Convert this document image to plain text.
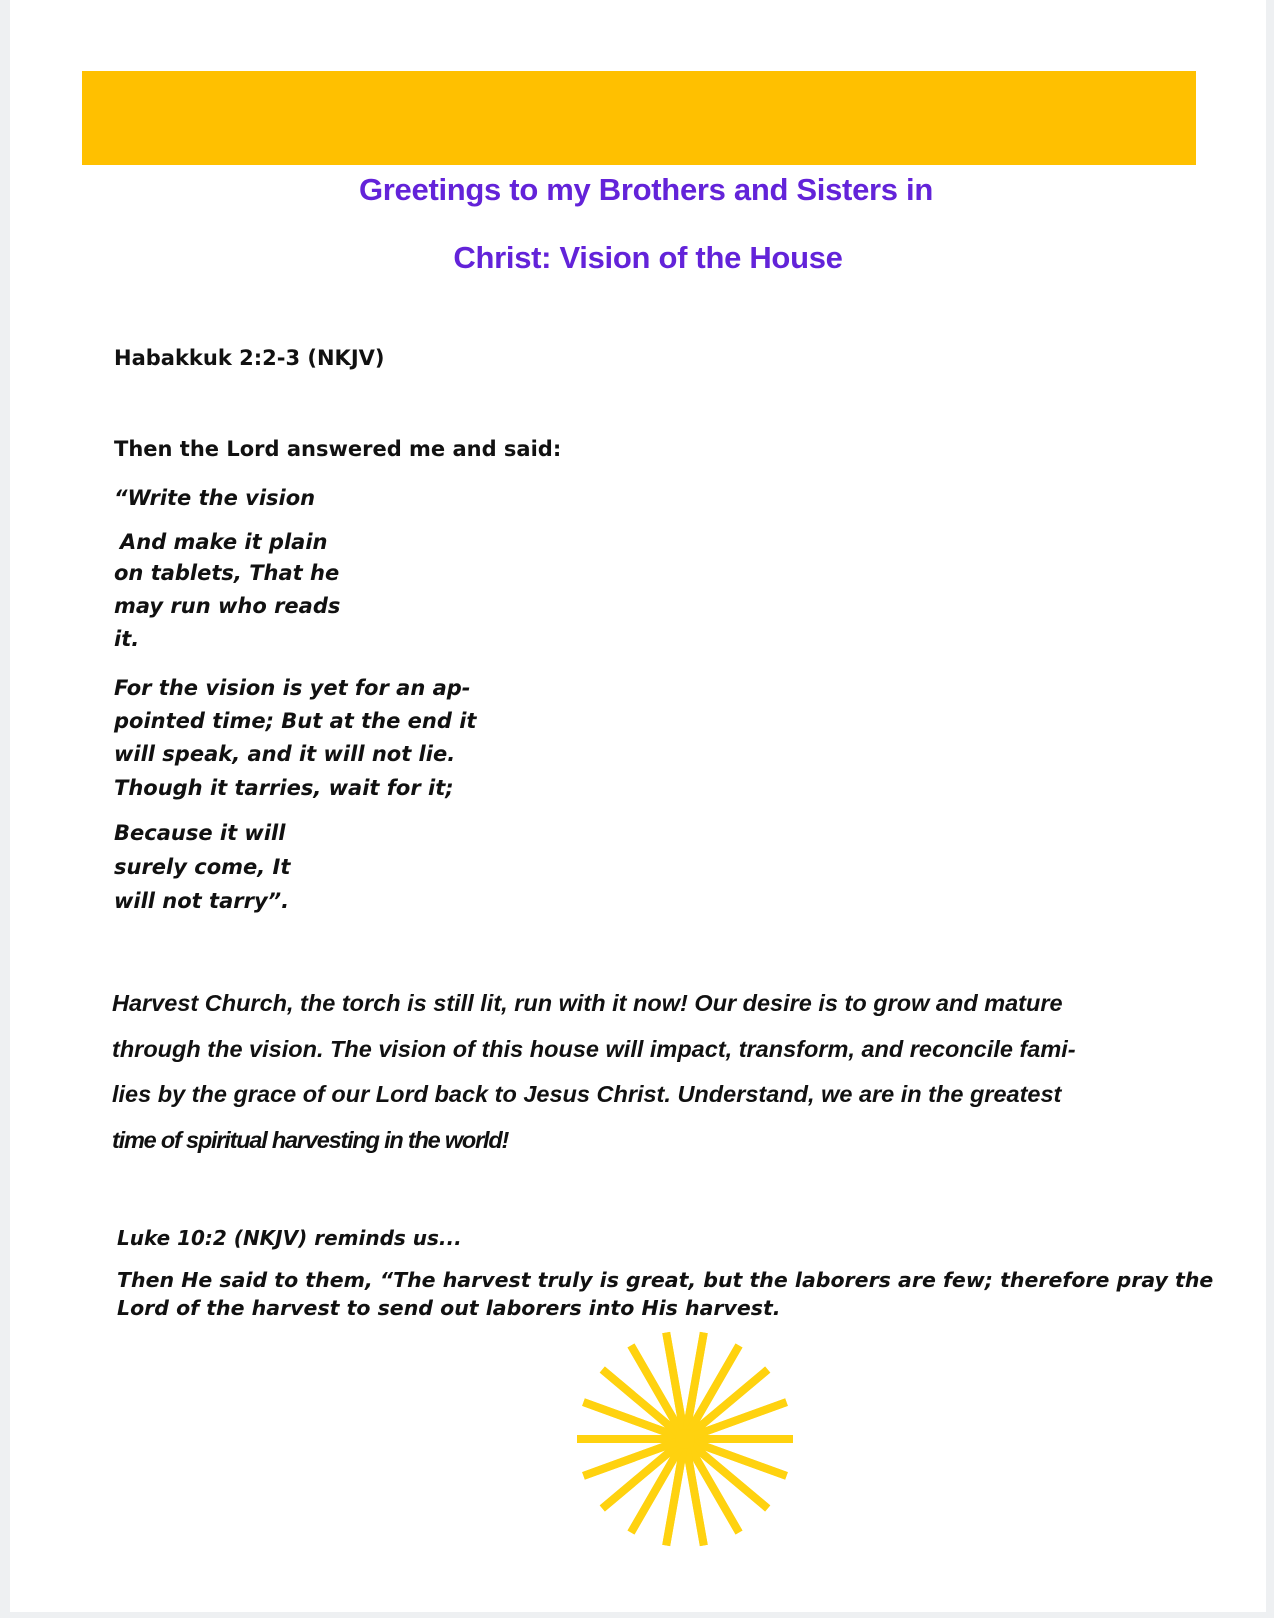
Greetings to my Brothers and Sisters in
Christ: Vision of the House
Habakkuk 2:2-3 (NKJV)
Then the Lord answered me and said:

“Write the vision

And make it plain

on tablets, That he

may run who reads

it.

For the vision is yet for an ap-

pointed time; But at the end it

will speak, and it will not lie.

Though it tarries, wait for it;

Because it will

surely come, It

will not tarry”.

Harvest Church, the torch is still lit, run with it now! Our desire is to grow and mature

through the vision. The vision of this house will impact, transform, and reconcile fami-

lies by the grace of our Lord back to Jesus Christ. Understand, we are in the greatest

time of spiritual harvesting in the world!

Luke 10:2 (NKJV) reminds us...
Then He said to them, “The harvest truly is great, but the laborers are few; therefore pray the
Lord of the harvest to send out laborers into His harvest.
